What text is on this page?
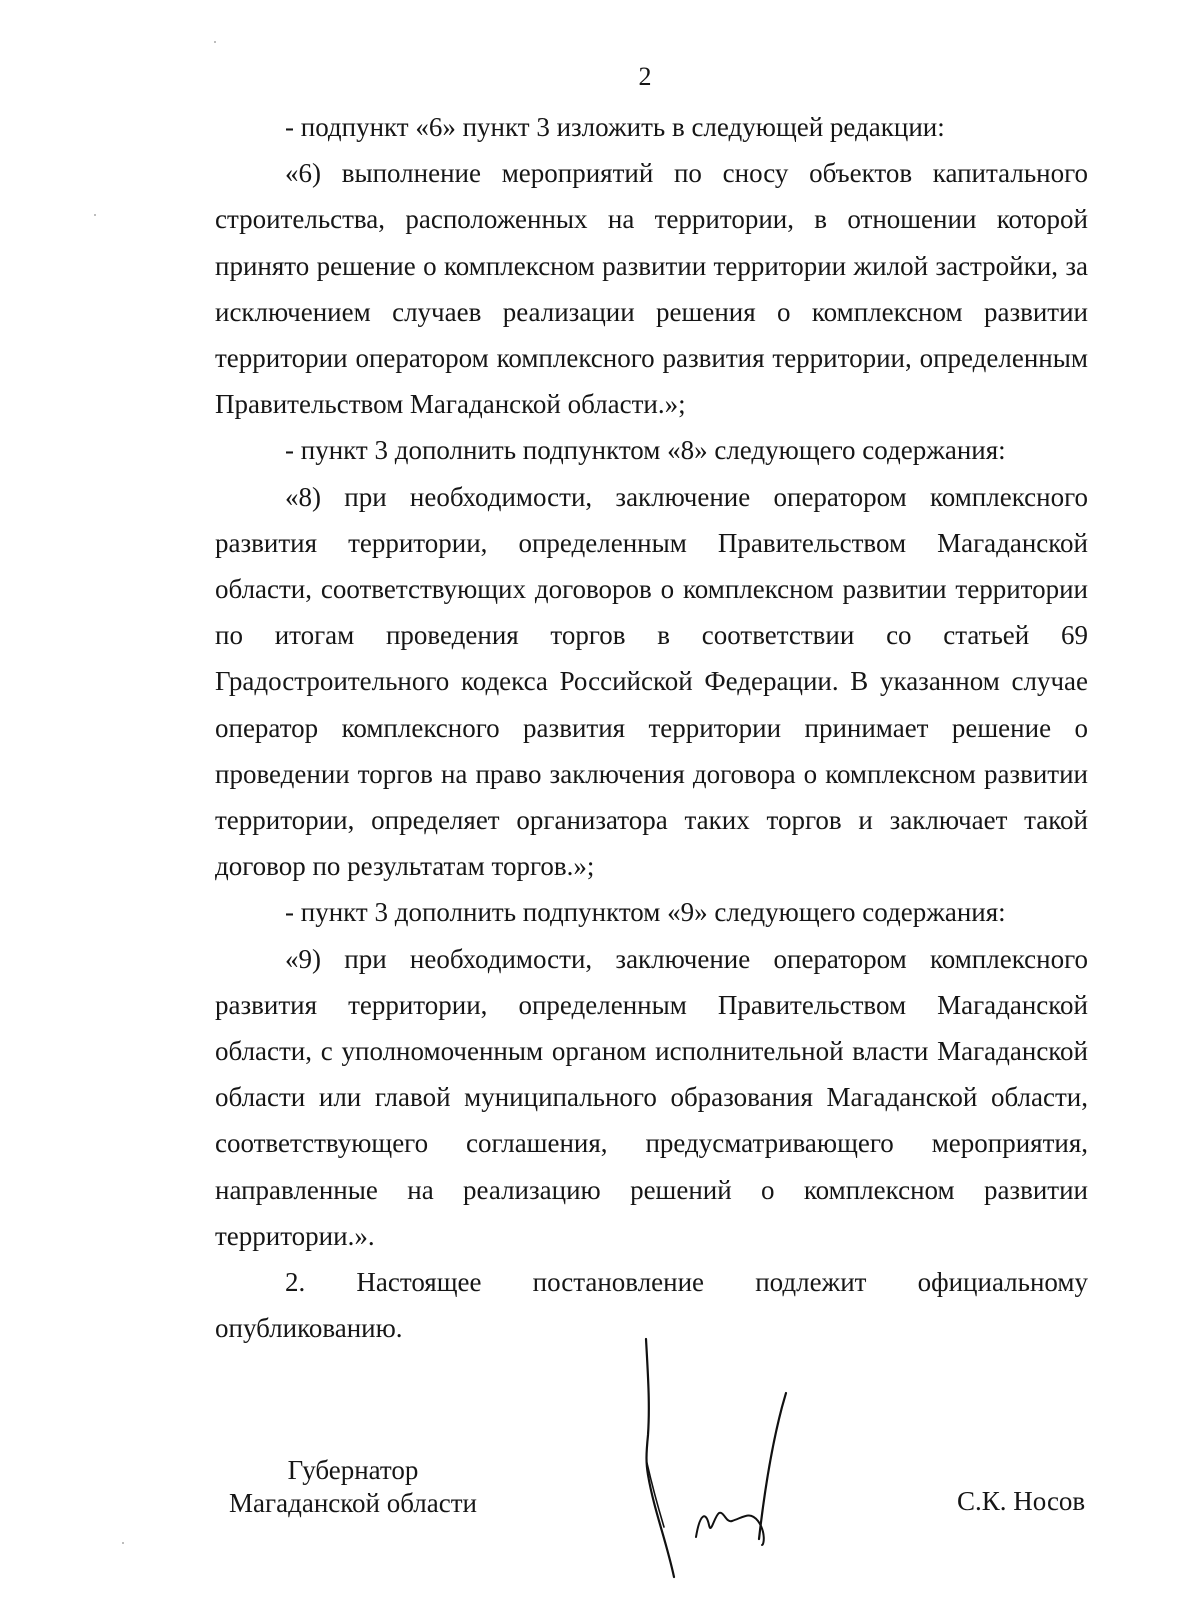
2

- подпункт «6» пункт 3 изложить в следующей редакции:

«6) выполнение мероприятий по сносу объектов капитального строительства, расположенных на территории, в отношении которой принято решение о комплексном развитии территории жилой застройки, за исключением случаев реализации решения о комплексном развитии территории оператором комплексного развития территории, определенным Правительством Магаданской области.»;

- пункт 3 дополнить подпунктом «8» следующего содержания:

«8) при необходимости, заключение оператором комплексного развития территории, определенным Правительством Магаданской области, соответствующих договоров о комплексном развитии территории по итогам проведения торгов в соответствии со статьей 69 Градостроительного кодекса Российской Федерации. В указанном случае оператор комплексного развития территории принимает решение о проведении торгов на право заключения договора о комплексном развитии территории, определяет организатора таких торгов и заключает такой договор по результатам торгов.»;

- пункт 3 дополнить подпунктом «9» следующего содержания:

«9) при необходимости, заключение оператором комплексного развития территории, определенным Правительством Магаданской области, с уполномоченным органом исполнительной власти Магаданской области или главой муниципального образования Магаданской области, соответствующего соглашения, предусматривающего мероприятия, направленные на реализацию решений о комплексном развитии территории.».

2. Настоящее постановление подлежит официальному опубликованию.

Губернатор
Магаданской области	С.К. Носов
